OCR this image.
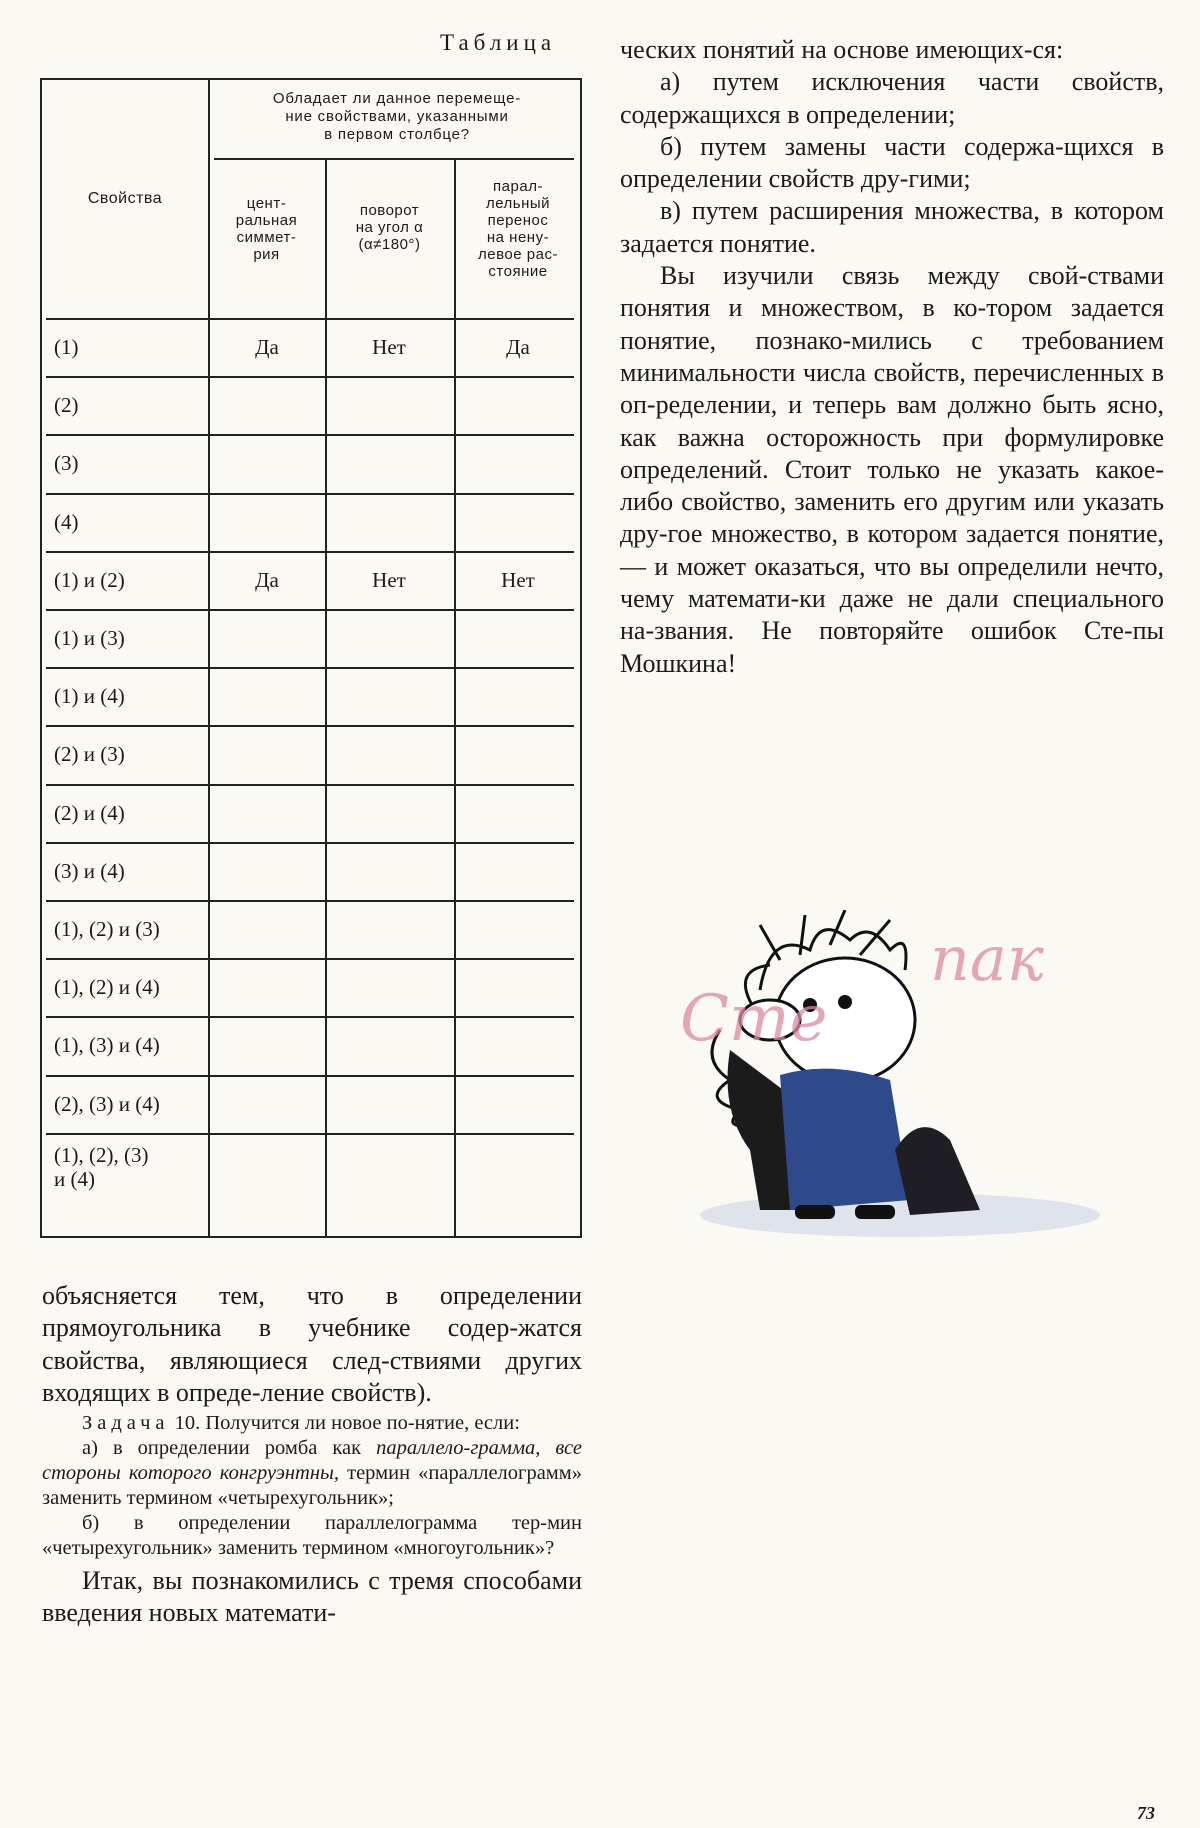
Таблица
Свойства
Обладает ли данное перемеще-
ние свойствами, указанными
в первом столбце?
цент-
ральная
симмет-
рия
поворот
на угол α
(α≠180°)
парал-
лельный
перенос
на нену-
левое рас-
стояние
(1)	Да	Нет	Да
(2)
(3)
(4)
(1) и (2)	Да	Нет	Нет
(1) и (3)
(1) и (4)
(2) и (3)
(2) и (4)
(3) и (4)
(1), (2) и (3)
(1), (2) и (4)
(1), (3) и (4)
(2), (3) и (4)
(1), (2), (3)
и (4)

ческих понятий на основе имеющих-ся:

а) путем исключения части свойств, содержащихся в определении;

б) путем замены части содержа-щихся в определении свойств дру-гими;

в) путем расширения множества, в котором задается понятие.

Вы изучили связь между свой-ствами понятия и множеством, в ко-тором задается понятие, познако-мились с требованием минимальности числа свойств, перечисленных в оп-ределении, и теперь вам должно быть ясно, как важна осторожность при формулировке определений. Стоит только не указать какое-либо свойство, заменить его другим или указать дру-гое множество, в котором задается понятие, — и может оказаться, что вы определили нечто, чему математи-ки даже не дали специального на-звания. Не повторяйте ошибок Сте-пы Мошкина!

Сте
пак

объясняется тем, что в определении прямоугольника в учебнике содер-жатся свойства, являющиеся след-ствиями других входящих в опреде-ление свойств).

Задача 10. Получится ли новое по-нятие, если:

а) в определении ромба как параллело-грамма, все стороны которого конгруэнтны, термин «параллелограмм» заменить термином «четырехугольник»;

б) в определении параллелограмма тер-мин «четырехугольник» заменить термином «многоугольник»?

Итак, вы познакомились с тремя способами введения новых математи-

73
